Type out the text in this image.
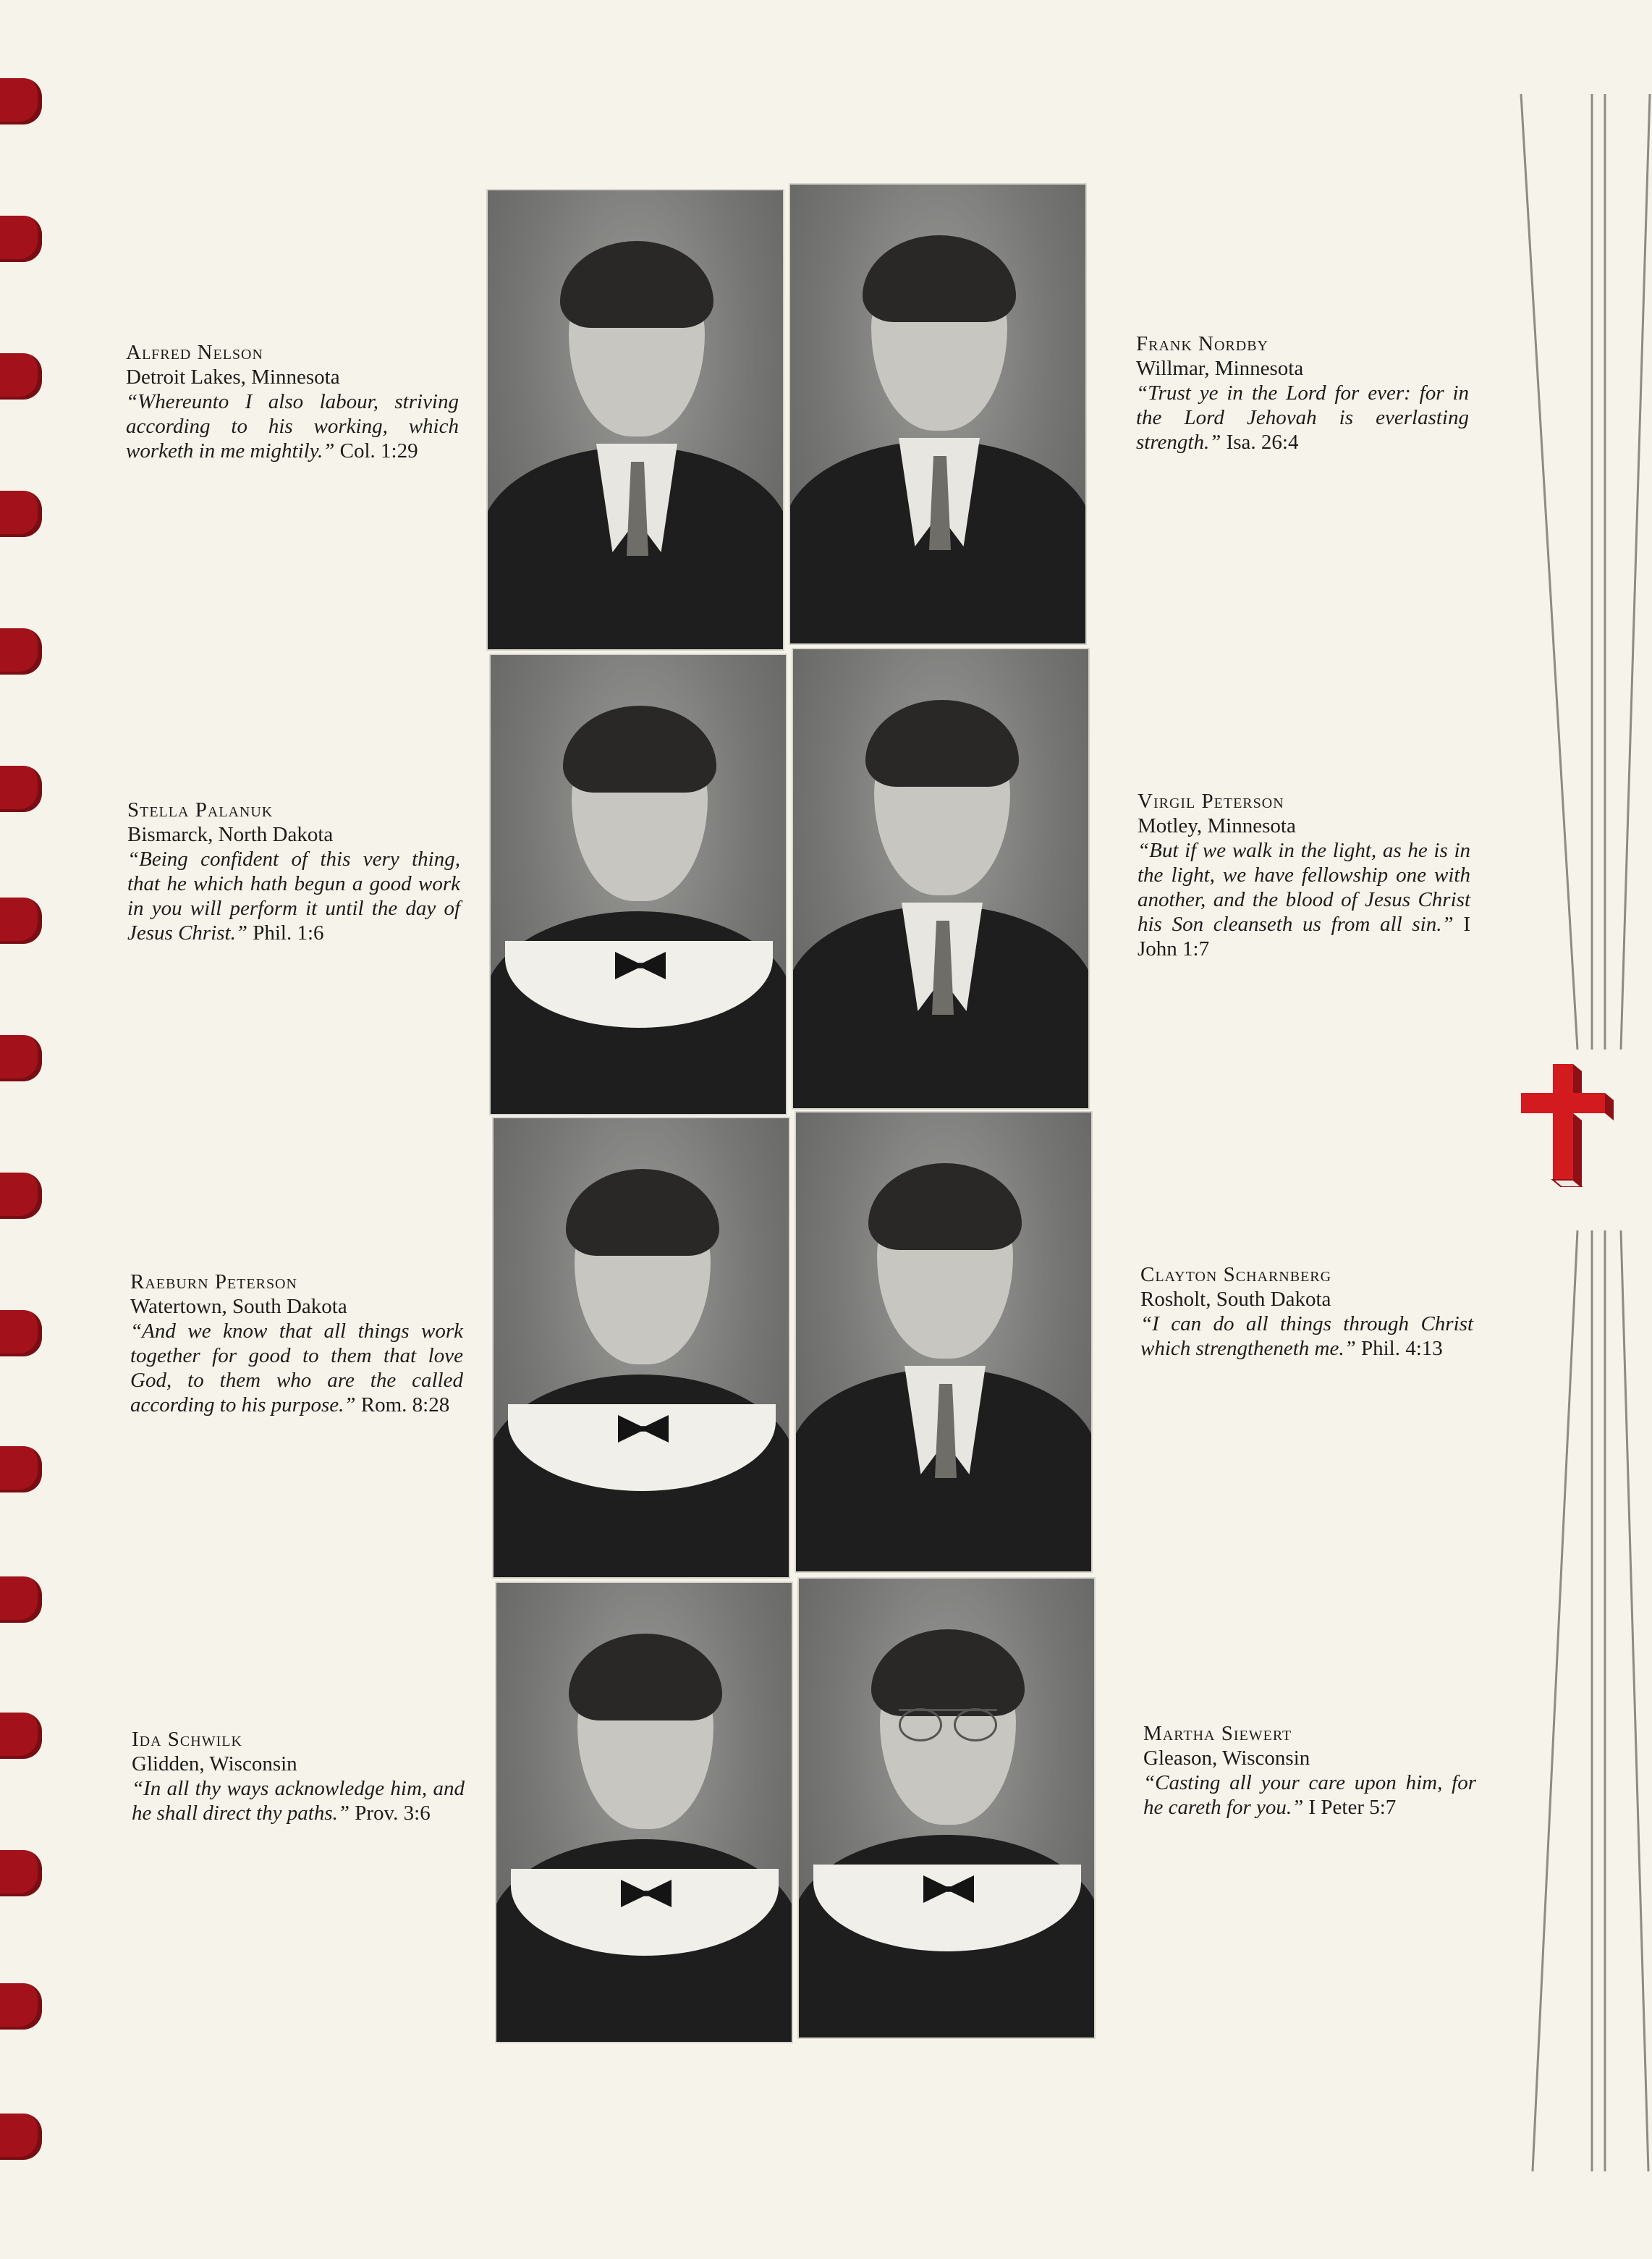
Alfred Nelson
Detroit Lakes, Minnesota
“Whereunto I also labour, striving according to his working, which worketh in me mightily.” Col. 1:29
Frank Nordby
Willmar, Minnesota
“Trust ye in the Lord for ever: for in the Lord Jehovah is everlasting strength.” Isa. 26:4
Stella Palanuk
Bismarck, North Dakota
“Being confident of this very thing, that he which hath begun a good work in you will perform it until the day of Jesus Christ.” Phil. 1:6
Virgil Peterson
Motley, Minnesota
“But if we walk in the light, as he is in the light, we have fellowship one with another, and the blood of Jesus Christ his Son cleanseth us from all sin.” I John 1:7
Raeburn Peterson
Watertown, South Dakota
“And we know that all things work together for good to them that love God, to them who are the called according to his purpose.” Rom. 8:28
Clayton Scharnberg
Rosholt, South Dakota
“I can do all things through Christ which strengtheneth me.” Phil. 4:13
Ida Schwilk
Glidden, Wisconsin
“In all thy ways acknowledge him, and he shall direct thy paths.” Prov. 3:6
Martha Siewert
Gleason, Wisconsin
“Casting all your care upon him, for he careth for you.” I Peter 5:7
